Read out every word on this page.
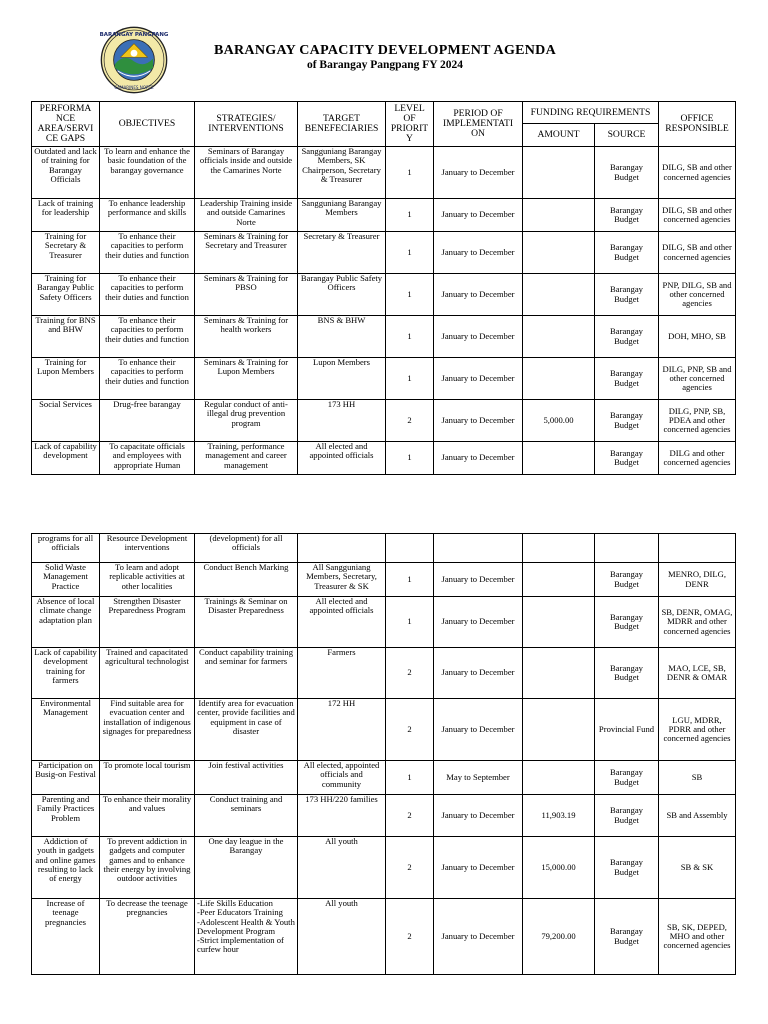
BARANGAY PANGPANG
CAMARINES NORTE
BARANGAY CAPACITY DEVELOPMENT AGENDA
of Barangay Pangpang FY 2024
PERFORMA NCE AREA/SERVI CE GAPS	OBJECTIVES	STRATEGIES/ INTERVENTIONS	TARGET BENEFECIARIES	LEVEL OF PRIORIT Y	PERIOD OF IMPLEMENTATI ON	FUNDING REQUIREMENTS		OFFICE RESPONSIBLE
						AMOUNT	SOURCE	
Outdated and lack of training for Barangay Officials	To learn and enhance the basic foundation of the barangay governance	Seminars of Barangay officials inside and outside the Camarines Norte	Sangguniang Barangay Members, SK Chairperson, Secretary & Treasurer	1	January to December		Barangay Budget	DILG, SB and other concerned agencies
Lack of training for leadership	To enhance leadership performance and skills	Leadership Training inside and outside Camarines Norte	Sangguniang Barangay Members	1	January to December		Barangay Budget	DILG, SB and other concerned agencies
Training for Secretary & Treasurer	To enhance their capacities to perform their duties and function	Seminars & Training for Secretary and Treasurer	Secretary & Treasurer	1	January to December		Barangay Budget	DILG, SB and other concerned agencies
Training for Barangay Public Safety Officers	To enhance their capacities to perform their duties and function	Seminars & Training for PBSO	Barangay Public Safety Officers	1	January to December		Barangay Budget	PNP, DILG, SB and other concerned agencies
Training for BNS and BHW	To enhance their capacities to perform their duties and function	Seminars & Training for health workers	BNS & BHW	1	January to December		Barangay Budget	DOH, MHO, SB
Training for Lupon Members	To enhance their capacities to perform their duties and function	Seminars & Training for Lupon Members	Lupon Members	1	January to December		Barangay Budget	DILG, PNP, SB and other concerned agencies
Social Services	Drug-free barangay	Regular conduct of anti-illegal drug prevention program	173 HH	2	January to December	5,000.00	Barangay Budget	DILG, PNP, SB, PDEA and other concerned agencies
Lack of capability development	To capacitate officials and employees with appropriate Human	Training, performance management and career management	All elected and appointed officials	1	January to December		Barangay Budget	DILG and other concerned agencies
programs for all officials	Resource Development interventions	(development) for all officials						
Solid Waste Management Practice	To learn and adopt replicable activities at other localities	Conduct Bench Marking	All Sangguniang Members, Secretary, Treasurer & SK	1	January to December		Barangay Budget	MENRO, DILG, DENR
Absence of local climate change adaptation plan	Strengthen Disaster Preparedness Program	Trainings & Seminar on Disaster Preparedness	All elected and appointed officials	1	January to December		Barangay Budget	SB, DENR, OMAG, MDRR and other concerned agencies
Lack of capability development training for farmers	Trained and capacitated agricultural technologist	Conduct capability training and seminar for farmers	Farmers	2	January to December		Barangay Budget	MAO, LCE, SB, DENR & OMAR
Environmental Management	Find suitable area for evacuation center and installation of indigenous signages for preparedness	Identify area for evacuation center, provide facilities and equipment in case of disaster	172 HH	2	January to December		Provincial Fund	LGU, MDRR, PDRR and other concerned agencies
Participation on Busig-on Festival	To promote local tourism	Join festival activities	All elected, appointed officials and community	1	May to September		Barangay Budget	SB
Parenting and Family Practices Problem	To enhance their morality and values	Conduct training and seminars	173 HH/220 families	2	January to December	11,903.19	Barangay Budget	SB and Assembly
Addiction of youth in gadgets and online games resulting to lack of energy	To prevent addiction in gadgets and computer games and to enhance their energy by involving outdoor activities	One day league in the Barangay	All youth	2	January to December	15,000.00	Barangay Budget	SB & SK
Increase of teenage pregnancies	To decrease the teenage pregnancies	-Life Skills Education
-Peer Educators Training
-Adolescent Health & Youth Development Program
-Strict implementation of curfew hour	All youth	2	January to December	79,200.00	Barangay Budget	SB, SK, DEPED, MHO and other concerned agencies
